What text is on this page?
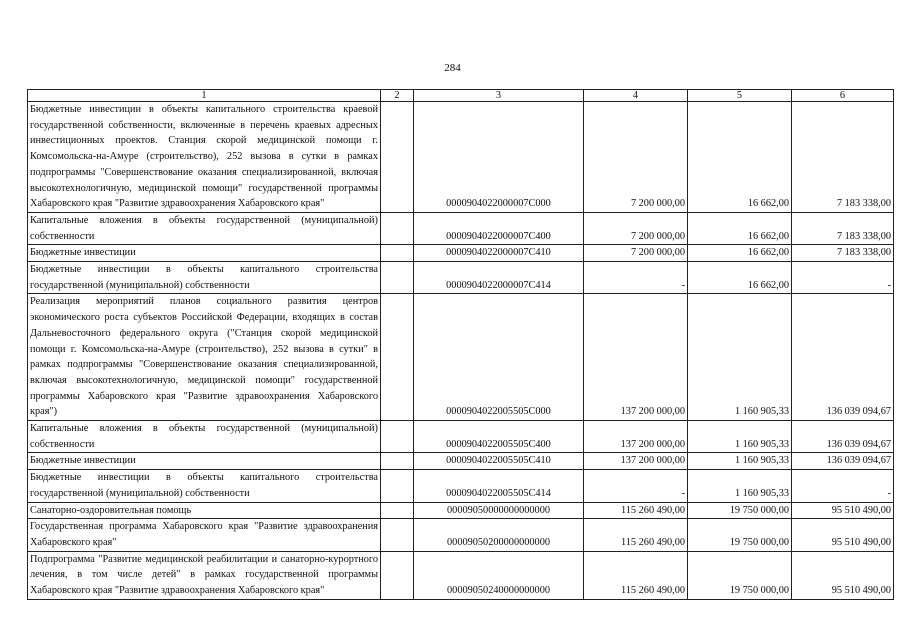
284
1	2	3	4	5	6
Бюджетные инвестиции в объекты капитального строительства краевой государственной собственности, включенные в перечень краевых адресных инвестиционных проектов. Станция скорой медицинской помощи г. Комсомольска-на-Амуре (строительство), 252 вызова в сутки в рамках подпрограммы "Совершенствование оказания специализированной, включая высокотехнологичную, медицинской помощи" государственной программы Хабаровского края "Развитие здравоохранения Хабаровского края"		0000904022000007С000	7 200 000,00	16 662,00	7 183 338,00
Капитальные вложения в объекты государственной (муниципальной) собственности		0000904022000007С400	7 200 000,00	16 662,00	7 183 338,00
Бюджетные инвестиции		0000904022000007С410	7 200 000,00	16 662,00	7 183 338,00
Бюджетные инвестиции в объекты капитального строительства государственной (муниципальной) собственности		0000904022000007С414	-	16 662,00	-
Реализация мероприятий планов социального развития центров экономического роста субъектов Российской Федерации, входящих в состав Дальневосточного федерального округа ("Станция скорой медицинской помощи г. Комсомольска-на-Амуре (строительство), 252 вызова в сутки" в рамках подпрограммы "Совершенствование оказания специализированной, включая высокотехнологичную, медицинской помощи" государственной программы Хабаровского края "Развитие здравоохранения Хабаровского края")		0000904022005505С000	137 200 000,00	1 160 905,33	136 039 094,67
Капитальные вложения в объекты государственной (муниципальной) собственности		0000904022005505С400	137 200 000,00	1 160 905,33	136 039 094,67
Бюджетные инвестиции		0000904022005505С410	137 200 000,00	1 160 905,33	136 039 094,67
Бюджетные инвестиции в объекты капитального строительства государственной (муниципальной) собственности		0000904022005505С414	-	1 160 905,33	-
Санаторно-оздоровительная помощь		00009050000000000000	115 260 490,00	19 750 000,00	95 510 490,00
Государственная программа Хабаровского края "Развитие здравоохранения Хабаровского края"		00009050200000000000	115 260 490,00	19 750 000,00	95 510 490,00
Подпрограмма "Развитие медицинской реабилитации и санаторно-курортного лечения, в том числе детей" в рамках государственной программы Хабаровского края "Развитие здравоохранения Хабаровского края"		00009050240000000000	115 260 490,00	19 750 000,00	95 510 490,00
